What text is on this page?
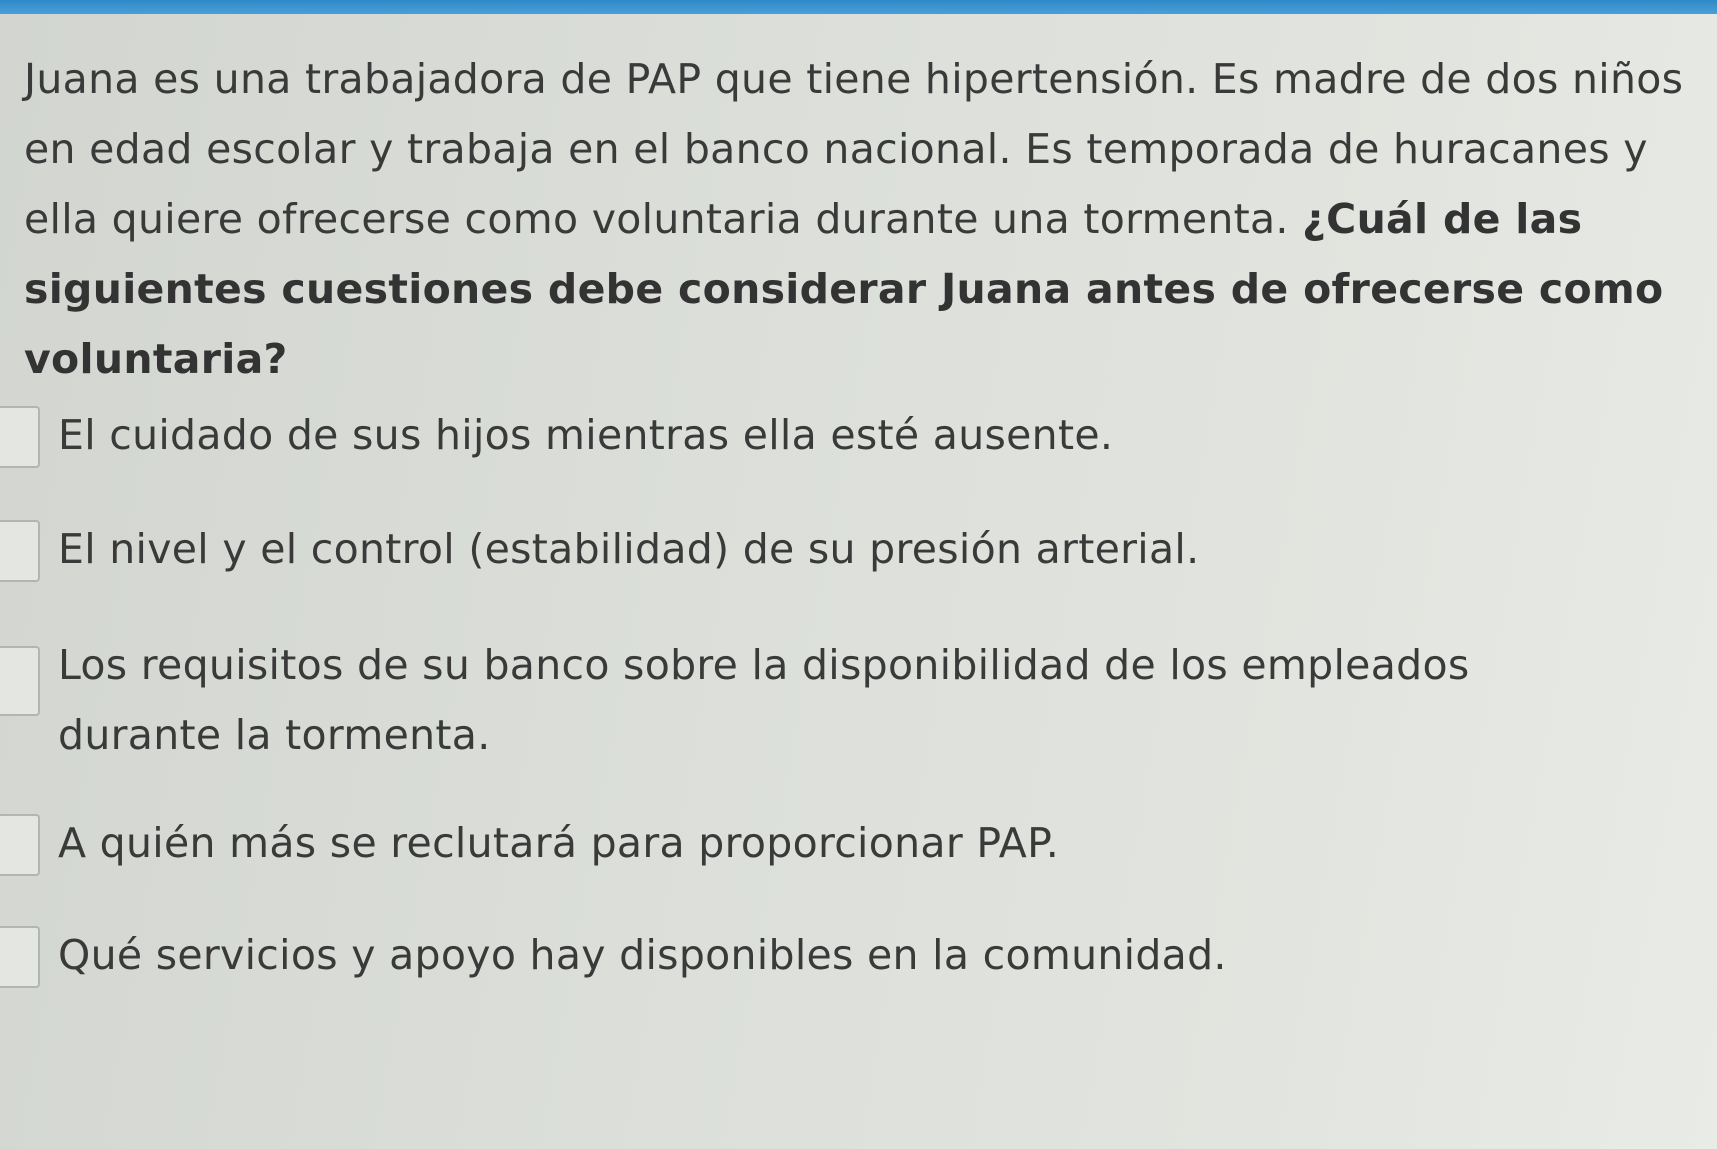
Juana es una trabajadora de PAP que tiene hipertensión. Es madre de dos niños en edad escolar y trabaja en el banco nacional. Es temporada de huracanes y ella quiere ofrecerse como voluntaria durante una tormenta. ¿Cuál de las siguientes cuestiones debe considerar Juana antes de ofrecerse como voluntaria?
El cuidado de sus hijos mientras ella esté ausente.
El nivel y el control (estabilidad) de su presión arterial.
Los requisitos de su banco sobre la disponibilidad de los empleados durante la tormenta.
A quién más se reclutará para proporcionar PAP.
Qué servicios y apoyo hay disponibles en la comunidad.
